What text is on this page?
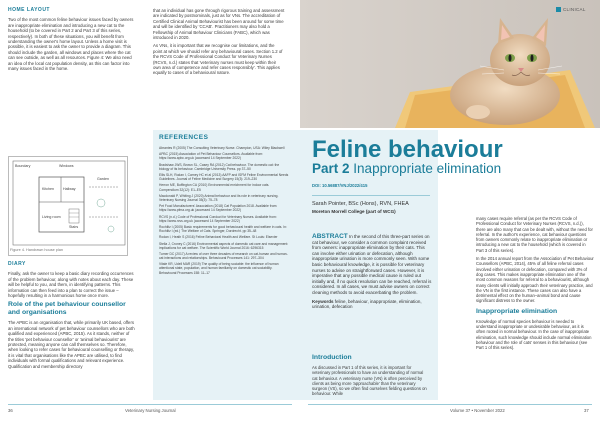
HOME LAYOUT

Two of the most common feline behaviour issues faced by owners are inappropriate elimination and introducing a new cat to the household (to be covered in Part 2 and Part 3 of this series, respectively). In both of these situations, you will benefit from understanding the owner's home layout. Unless a home visit is possible, it is easiest to ask the owner to provide a diagram. This should include the garden, all windows and places where the cat can see outside, as well as all resources. Figure 4: We also need an idea of the local cat population density, as this can factor into many issues faced in the home.

Boundary	Windows
Garden
Kitchen	Hallway
Living room
Stairs
Figure 4. Handrawn house plan
DIARY

Finally, ask the owner to keep a basic diary recording occurrences of the problem behaviour, along with notes about each day. These will be helpful to you, and them, in identifying patterns. This information can then feed into a plan to correct the issue – hopefully resulting in a harmonious home once more.

Role of the pet behaviour counsellor and organisations

The APBC is an organisation that, while primarily UK based, offers an international network of pet behaviour counsellors who are both qualified and experienced (APBC, 2015). As it stands, neither of the titles 'pet behaviour counsellor' or 'animal behaviourist' are protected, meaning anyone can call themselves so. Therefore, when looking to refer cases for behavioural counselling or therapy, it is vital that organisations like the APBC are utilised, to find individuals with formal qualifications and relevant experience. Qualification and membership directory

that an individual has gone through rigorous training and assessment are indicated by postnominals, just as for VNs. The accreditation of Certified Clinical Animal Behaviourist has been around for some time and will be identified by 'CCAB'. Practitioners may also hold a Fellowship of Animal Behaviour Clinicians (FABC), which was introduced in 2020.

As VNs, it is important that we recognise our limitations, and the point at which we should refer any behavioural cases. Section 1.2 of the RCVS Code of Professional Conduct for Veterinary Nurses (RCVS, n.d.) states that 'veterinary nurses must keep within their own area of competence and refer cases responsibly'. This applies equally to cases of a behavioural nature.

REFERENCES

Abrantes R (2005) The Consulting Veterinary Nurse. Champion, USA: Wiley Blackwell

APBC (2015) Association of Pet Behaviour Counsellors. Available from: https://www.apbc.org.uk (accessed 14 September 2022)

Bradshaw JWS, Brown SL, Casey RA (2012) Cat behaviour. The domestic cat: the biology of its behaviour. Cambridge University Press. pp 37–50

Ellis SLH, Rodan I, Carney HC et al (2013) AAFP and ISFM Feline Environmental Needs Guidelines. Journal of Feline Medicine and Surgery 15(3): 219–230

Herron ME, Buffington CA (2010) Environmental enrichment for indoor cats. Compendium 32(12): E1–E5

Macdonald P, Whiting J (2020) Animal behaviour and its role in veterinary nursing. Veterinary Nursing Journal 35(3): 75–78

Pet Food Manufacturers' Association (2018) Cat Population 2018. Available from: https://www.pfma.org.uk (accessed 14 September 2022)

RCVS (n.d.) Code of Professional Conduct for Veterinary Nurses. Available from: https://www.rcvs.org.uk (accessed 14 September 2022)

Rochlitz I (2005) Basic requirements for good behavioural health and welfare in cats. In: Rochlitz I (ed.) The Welfare of Cats. Springer, Dordrecht. pp 35–48

Rodan I, Heath S (2016) Feline Behavioral Health and Welfare. St Louis: Elsevier

Stella J, Croney C (2016) Environmental aspects of domestic cat care and management: implications for cat welfare. The Scientific World Journal 2016: 6296315

Turner DC (2017) A review of over three decades of research on cat-human and human-cat interactions and relationships. Behavioural Processes 141: 297–304

Vitale KR, Udell MAR (2019) The quality of being sociable: the influence of human attentional state, population, and human familiarity on domestic cat sociability. Behavioural Processes 158: 11–17

CLINICAL
Feline behaviour
Part 2 Inappropriate elimination
DOI: 10.56887/VNJ/2022/415
Sarah Pointer, BSc (Hons), RVN, FHEA
Moreton Morrell College (part of WCG)
ABSTRACT In the second of this three-part series on cat behaviour, we consider a common complaint received from owners: inappropriate elimination by their cats. This can involve either urination or defecation, although inappropriate urination is more commonly seen. With some basic behavioural knowledge, it is possible for veterinary nurses to advise on straightforward cases. However, it is imperative that any possible medical cause is ruled out initially and, if no quick resolution can be reached, referral is considered. In all cases, we must advise owners on correct cleaning methods to avoid exacerbating the problem.
Keywords feline, behaviour, inappropriate, elimination, urination, defecation
Introduction
As discussed in Part 1 of this series, it is important for veterinary professionals to have an understanding of normal cat behaviour. A veterinary nurse (VN) is often perceived by clients as being more 'approachable' than the veterinary surgeon (VS), so we often find ourselves fielding questions on behaviour. While

many cases require referral (as per the RCVS Code of Professional Conduct for Veterinary Nurses (RCVS, n.d.)), there are also many that can be dealt with, without the need for referral. In the author's experience, cat behaviour questions from owners commonly relate to inappropriate elimination or introducing a new cat to the household (which is covered in Part 3 of this series).

In the 2014 annual report from the Association of Pet Behaviour Counsellors (APBC, 2014), 45% of all feline referral cases involved either urination or defecation, compared with 3% of dog cases. This makes inappropriate elimination one of the most common reasons for referral to a behaviourist, although many clients will initially approach their veterinary practice, and the VN in the first instance. These cases can also have a detrimental effect on the human–animal bond and cause significant distress to the owner.

Inappropriate elimination

Knowledge of normal species behaviour is needed to understand inappropriate or undesirable behaviour, as it is often rooted in normal behaviour. In the case of inappropriate elimination, such knowledge should include normal elimination behaviour and the role of cats' senses in this behaviour (see Part 1 of this series).

36	Veterinary Nursing Journal	Volume 37 • November 2022	37
